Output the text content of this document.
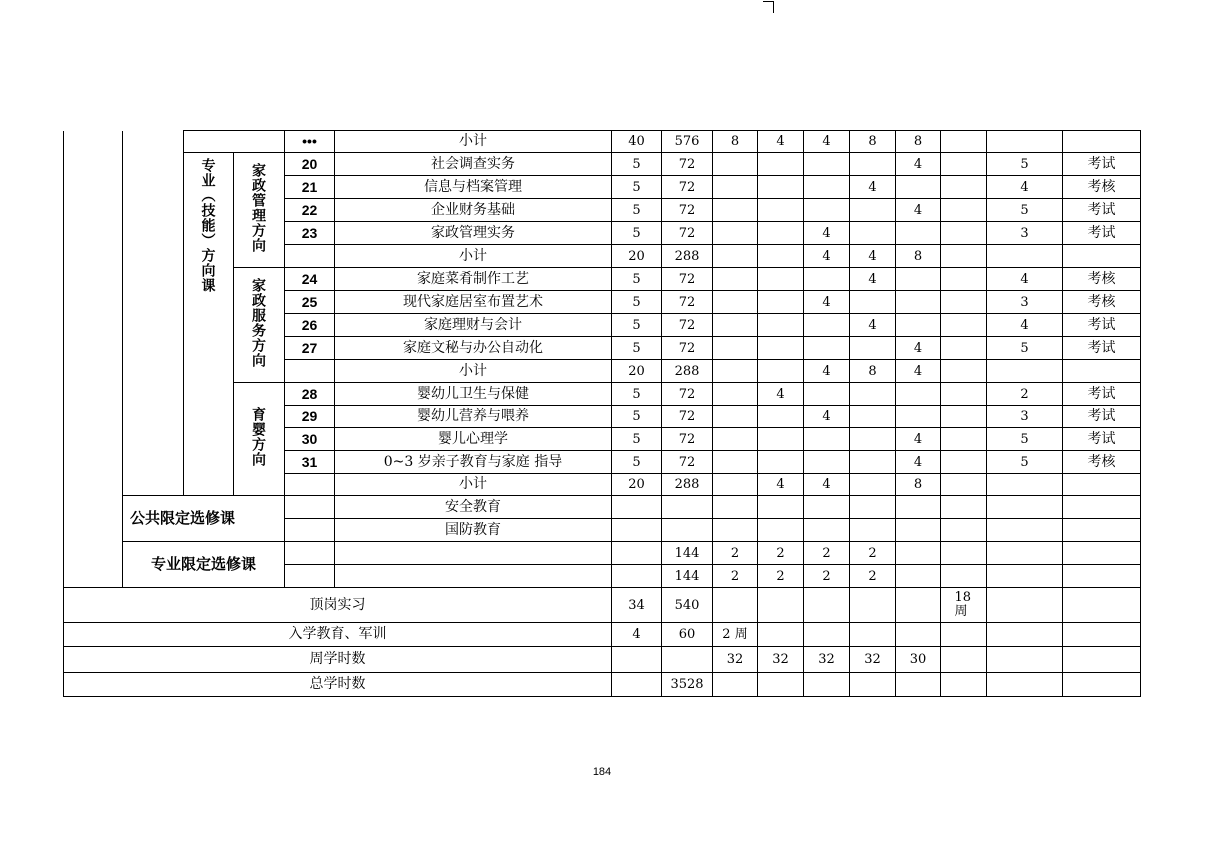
				•••	小计	40	576	8	4	4	8	8			
		专业（技能）方向课	家政管理方向	20	社会调查实务	5	72					4		5	考试
				21	信息与档案管理	5	72				4			4	考核
				22	企业财务基础	5	72					4		5	考试
				23	家政管理实务	5	72			4				3	考试
					小计	20	288			4	4	8			
			家政服务方向	24	家庭菜肴制作工艺	5	72				4			4	考核
				25	现代家庭居室布置艺术	5	72			4				3	考核
				26	家庭理财与会计	5	72				4			4	考试
				27	家庭文秘与办公自动化	5	72					4		5	考试
					小计	20	288			4	8	4			
			育婴方向	28	婴幼儿卫生与保健	5	72		4					2	考试
				29	婴幼儿营养与喂养	5	72			4				3	考试
				30	婴儿心理学	5	72					4		5	考试
				31	0~3 岁亲子教育与家庭 指导	5	72					4		5	考核
					小计	20	288		4	4		8			
	公共限定选修课				安全教育										
					国防教育										
	专业限定选修课						144	2	2	2	2				
							144	2	2	2	2				
顶岗实习						34	540						18 周		
入学教育、军训						4	60	2 周							
周学时数								32	32	32	32	30			
总学时数							3528								
184
